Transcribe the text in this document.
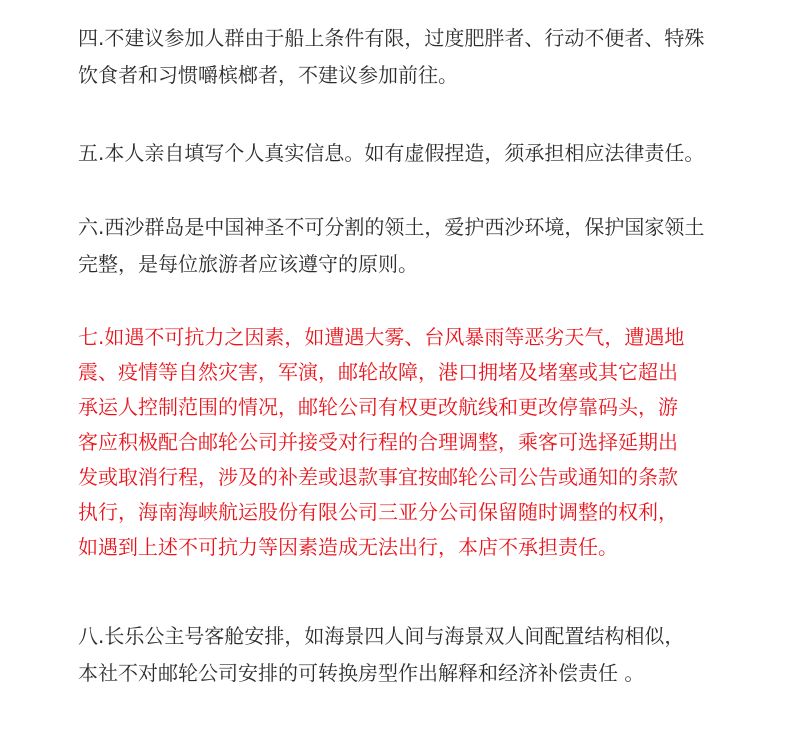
四.不建议参加人群由于船上条件有限，过度肥胖者、行动不便者、特殊
饮食者和习惯嚼槟榔者，不建议参加前往。
五.本人亲自填写个人真实信息。如有虚假捏造，须承担相应法律责任。
六.西沙群岛是中国神圣不可分割的领土，爱护西沙环境，保护国家领土
完整，是每位旅游者应该遵守的原则。
七.如遇不可抗力之因素，如遭遇大雾、台风暴雨等恶劣天气，遭遇地
震、疫情等自然灾害，军演，邮轮故障，港口拥堵及堵塞或其它超出
承运人控制范围的情况，邮轮公司有权更改航线和更改停靠码头，游
客应积极配合邮轮公司并接受对行程的合理调整，乘客可选择延期出
发或取消行程，涉及的补差或退款事宜按邮轮公司公告或通知的条款
执行，海南海峡航运股份有限公司三亚分公司保留随时调整的权利，
如遇到上述不可抗力等因素造成无法出行，本店不承担责任。
八.长乐公主号客舱安排，如海景四人间与海景双人间配置结构相似，
本社不对邮轮公司安排的可转换房型作出解释和经济补偿责任 。
